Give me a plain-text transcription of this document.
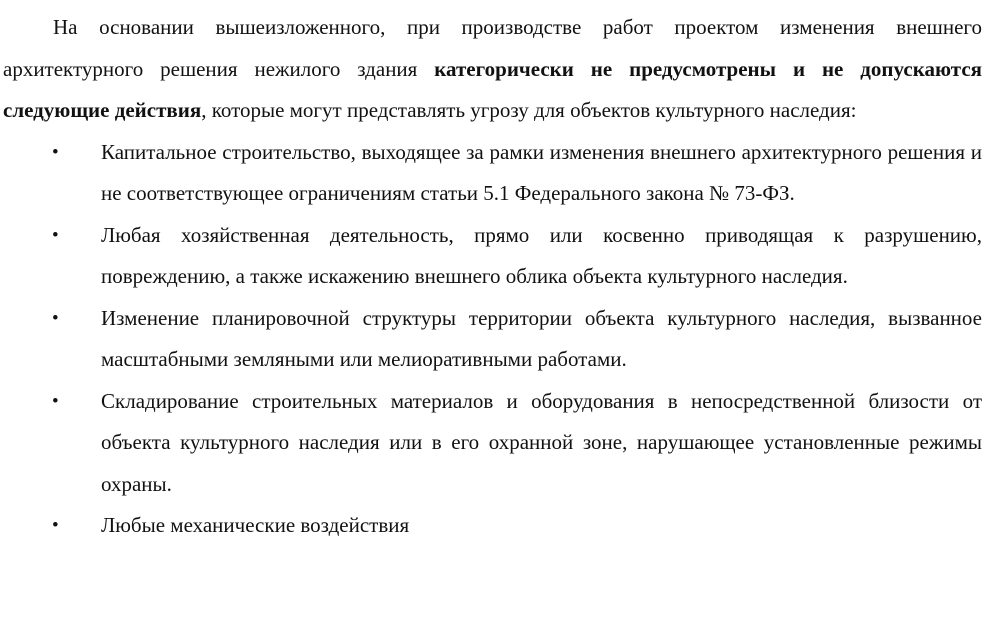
На основании вышеизложенного, при производстве работ проектом изменения внешнего архитектурного решения нежилого здания категорически не предусмотрены и не допускаются следующие действия, которые могут представлять угрозу для объектов культурного наследия:

• Капитальное строительство, выходящее за рамки изменения внешнего архитектурного решения и не соответствующее ограничениям статьи 5.1 Федерального закона № 73-ФЗ.
• Любая хозяйственная деятельность, прямо или косвенно приводящая к разрушению, повреждению, а также искажению внешнего облика объекта культурного наследия.
• Изменение планировочной структуры территории объекта культурного наследия, вызванное масштабными земляными или мелиоративными работами.
• Складирование строительных материалов и оборудования в непосредственной близости от объекта культурного наследия или в его охранной зоне, нарушающее установленные режимы охраны.
• Любые механические воздействия
